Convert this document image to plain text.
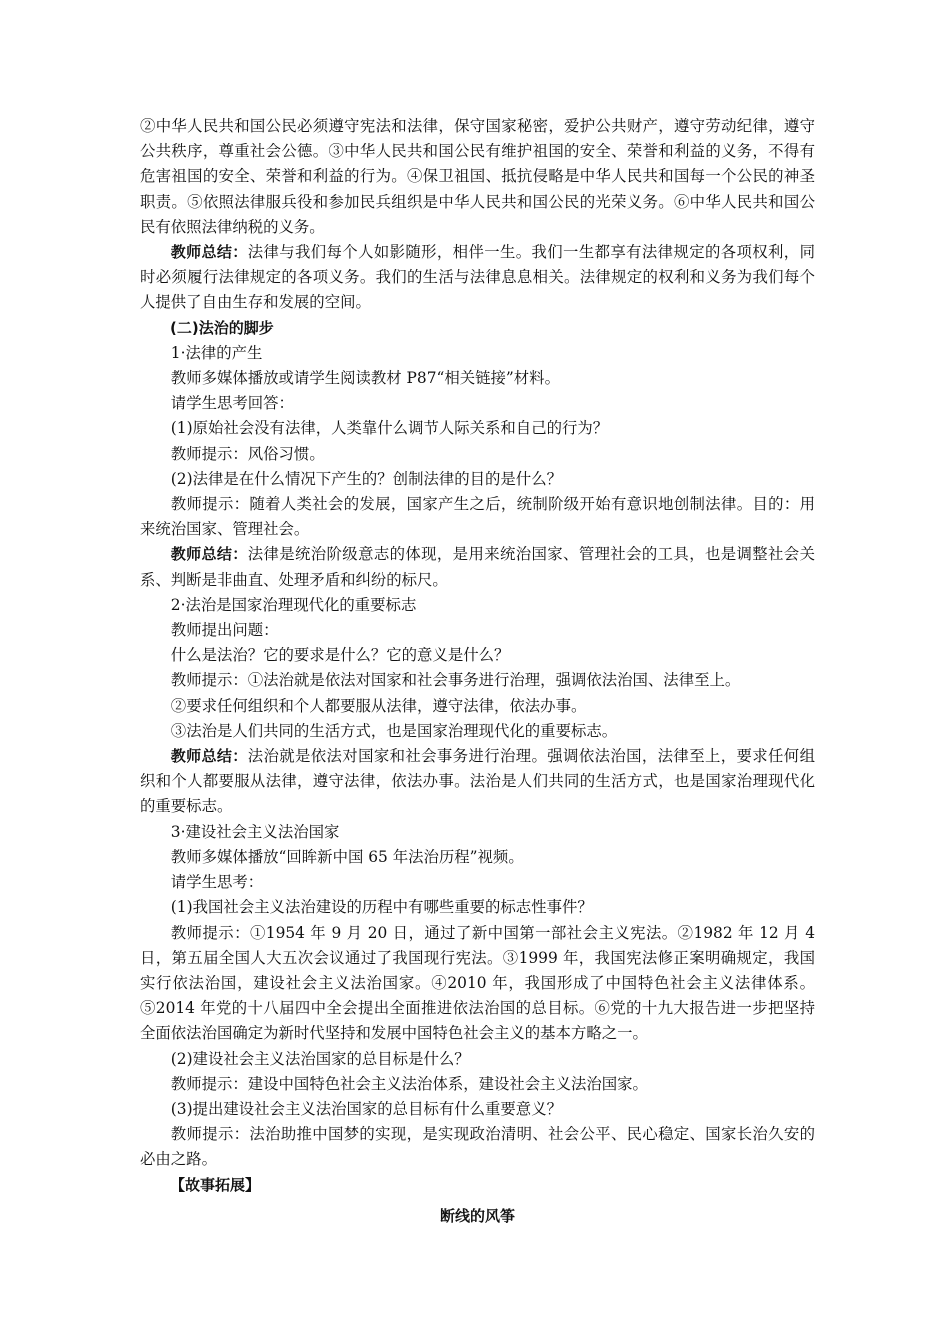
②中华人民共和国公民必须遵守宪法和法律，保守国家秘密，爱护公共财产，遵守劳动纪律，遵守公共秩序，尊重社会公德。③中华人民共和国公民有维护祖国的安全、荣誉和利益的义务，不得有危害祖国的安全、荣誉和利益的行为。④保卫祖国、抵抗侵略是中华人民共和国每一个公民的神圣职责。⑤依照法律服兵役和参加民兵组织是中华人民共和国公民的光荣义务。⑥中华人民共和国公民有依照法律纳税的义务。

教师总结：法律与我们每个人如影随形，相伴一生。我们一生都享有法律规定的各项权利，同时必须履行法律规定的各项义务。我们的生活与法律息息相关。法律规定的权利和义务为我们每个人提供了自由生存和发展的空间。

(二)法治的脚步

1·法律的产生

教师多媒体播放或请学生阅读教材 P87“相关链接”材料。

请学生思考回答：

(1)原始社会没有法律，人类靠什么调节人际关系和自己的行为？

教师提示：风俗习惯。

(2)法律是在什么情况下产生的？创制法律的目的是什么？

教师提示：随着人类社会的发展，国家产生之后，统制阶级开始有意识地创制法律。目的：用来统治国家、管理社会。

教师总结：法律是统治阶级意志的体现，是用来统治国家、管理社会的工具，也是调整社会关系、判断是非曲直、处理矛盾和纠纷的标尺。

2·法治是国家治理现代化的重要标志

教师提出问题：

什么是法治？它的要求是什么？它的意义是什么？

教师提示：①法治就是依法对国家和社会事务进行治理，强调依法治国、法律至上。

②要求任何组织和个人都要服从法律，遵守法律，依法办事。

③法治是人们共同的生活方式，也是国家治理现代化的重要标志。

教师总结：法治就是依法对国家和社会事务进行治理。强调依法治国，法律至上，要求任何组织和个人都要服从法律，遵守法律，依法办事。法治是人们共同的生活方式，也是国家治理现代化的重要标志。

3·建设社会主义法治国家

教师多媒体播放“回眸新中国 65 年法治历程”视频。

请学生思考：

(1)我国社会主义法治建设的历程中有哪些重要的标志性事件？

教师提示：①1954 年 9 月 20 日，通过了新中国第一部社会主义宪法。②1982 年 12 月 4 日，第五届全国人大五次会议通过了我国现行宪法。③1999 年，我国宪法修正案明确规定，我国实行依法治国，建设社会主义法治国家。④2010 年，我国形成了中国特色社会主义法律体系。⑤2014 年党的十八届四中全会提出全面推进依法治国的总目标。⑥党的十九大报告进一步把坚持全面依法治国确定为新时代坚持和发展中国特色社会主义的基本方略之一。

(2)建设社会主义法治国家的总目标是什么？

教师提示：建设中国特色社会主义法治体系，建设社会主义法治国家。

(3)提出建设社会主义法治国家的总目标有什么重要意义？

教师提示：法治助推中国梦的实现，是实现政治清明、社会公平、民心稳定、国家长治久安的必由之路。

【故事拓展】

断线的风筝
